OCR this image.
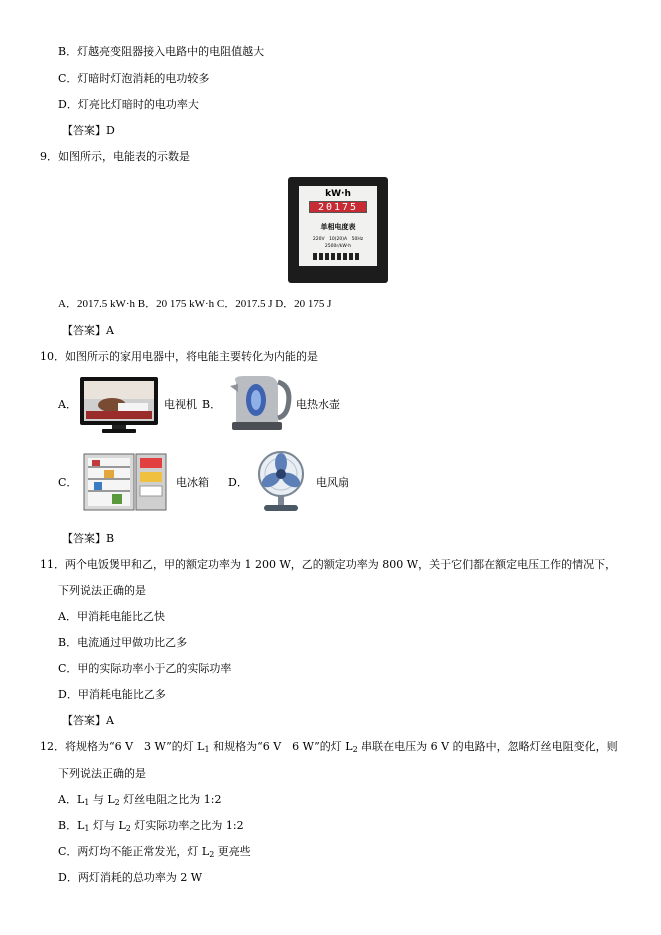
B．灯越亮变阻器接入电路中的电阻值越大
C．灯暗时灯泡消耗的电功较多
D．灯亮比灯暗时的电功率大
【答案】D
9．如图所示，电能表的示数是
kW·h
20175
单相电度表
220V　10(20)A　50Hz
2500r/kW·h
A．2017.5 kW·h B．20 175 kW·h C．2017.5 J D．20 175 J
【答案】A
10．如图所示的家用电器中，将电能主要转化为内能的是
A．	电视机 B．	电热水壶
C．	电冰箱 D．	电风扇
【答案】B
11．两个电饭煲甲和乙，甲的额定功率为 1 200 W，乙的额定功率为 800 W，关于它们都在额定电压工作的情况下，
下列说法正确的是
A．甲消耗电能比乙快
B．电流通过甲做功比乙多
C．甲的实际功率小于乙的实际功率
D．甲消耗电能比乙多
【答案】A
12．将规格为“6 V　3 W”的灯 $L_1$ 和规格为“6 V　6 W”的灯 $L_2$ 串联在电压为 6 V 的电路中，忽略灯丝电阻变化，则
下列说法正确的是
A．$L_1$ 与 $L_2$ 灯丝电阻之比为 1:2
B．$L_1$ 灯与 $L_2$ 灯实际功率之比为 1:2
C．两灯均不能正常发光，灯 $L_2$ 更亮些
D．两灯消耗的总功率为 2 W
